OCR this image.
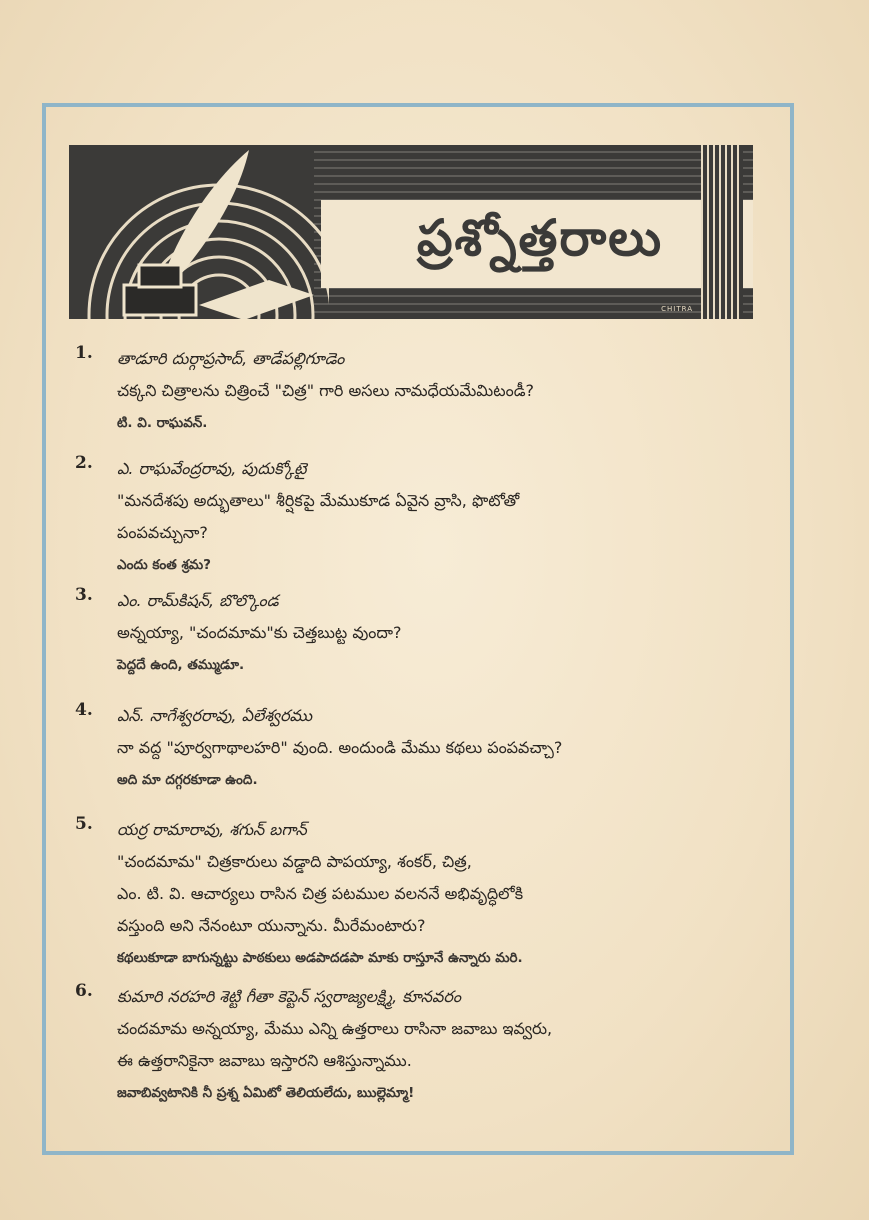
ప్రశ్నోత్తరాలు
CHITRA
1.	తాడూరి దుర్గాప్రసాద్, తాడేపల్లిగూడెం
చక్కని చిత్రాలను చిత్రించే "చిత్ర" గారి అసలు నామధేయమేమిటండీ?
టి. వి. రాఘవన్.
2.	ఎ. రాఘవేంద్రరావు, పుదుక్కోటై
"మనదేశపు అద్భుతాలు" శీర్షికపై మేముకూడ ఏవైన వ్రాసి, ఫొటోతో
పంపవచ్చునా?
ఎందు కంత శ్రమ?
3.	ఎం. రామ్‌కిషన్, బొల్కొండ
అన్నయ్యా, "చందమామ"కు చెత్తబుట్ట వుందా?
పెద్దదే ఉంది, తమ్ముడూ.
4.	ఎన్. నాగేశ్వరరావు, ఏలేశ్వరము
నా వద్ద "పూర్వగాథాలహరి" వుంది. అందుండి మేము కథలు పంపవచ్చా?
అది మా దగ్గరకూడా ఉంది.
5.	యర్ర రామారావు, శగున్ బగాన్
"చందమామ" చిత్రకారులు వడ్డాది పాపయ్యా, శంకర్, చిత్ర,
ఎం. టి. వి. ఆచార్యలు రాసిన చిత్ర పటముల వలననే అభివృద్ధిలోకి
వస్తుంది అని నేనంటూ యున్నాను. మీరేమంటారు?
కథలుకూడా బాగున్నట్టు పాఠకులు అడపాదడపా మాకు రాస్తూనే ఉన్నారు మరి.
6.	కుమారి నరహరి శెట్టి గీతా కెప్టెన్ స్వరాజ్యలక్ష్మి, కూనవరం
చందమామ అన్నయ్యా, మేము ఎన్ని ఉత్తరాలు రాసినా జవాబు ఇవ్వరు,
ఈ ఉత్తరానికైనా జవాబు ఇస్తారని ఆశిస్తున్నాము.
జవాబివ్వటానికి నీ ప్రశ్న ఏమిటో తెలియలేదు, ఋల్లెమ్మా!
